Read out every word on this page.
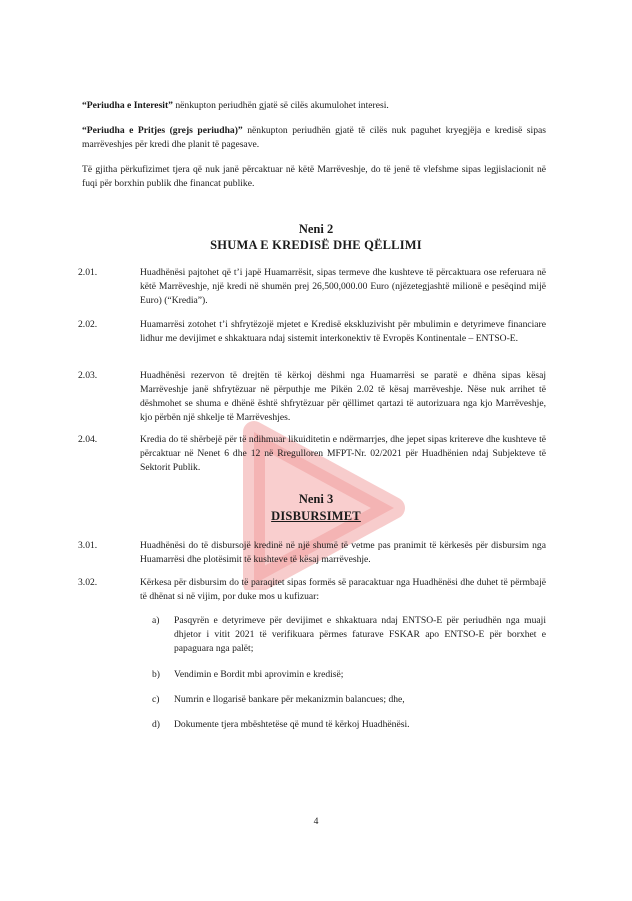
“Periudha e Interesit” nënkupton periudhën gjatë së cilës akumulohet interesi.

“Periudha e Pritjes (grejs periudha)” nënkupton periudhën gjatë të cilës nuk paguhet kryegjëja e kredisë sipas marrëveshjes për kredi dhe planit të pagesave.

Të gjitha përkufizimet tjera që nuk janë përcaktuar në këtë Marrëveshje, do të jenë të vlefshme sipas legjislacionit në fuqi për borxhin publik dhe financat publike.

Neni 2

SHUMA E KREDISË DHE QËLLIMI

2.01.	Huadhënësi pajtohet që t’i japë Huamarrësit, sipas termeve dhe kushteve të përcaktuara ose referuara në këtë Marrëveshje, një kredi në shumën prej 26,500,000.00 Euro (njëzetegjashtë milionë e pesëqind mijë Euro) (“Kredia”).
2.02.	Huamarrësi zotohet t’i shfrytëzojë mjetet e Kredisë ekskluzivisht për mbulimin e detyrimeve financiare lidhur me devijimet e shkaktuara ndaj sistemit interkonektiv të Evropës Kontinentale – ENTSO-E.
2.03.	Huadhënësi rezervon të drejtën të kërkoj dëshmi nga Huamarrësi se paratë e dhëna sipas kësaj Marrëveshje janë shfrytëzuar në përputhje me Pikën 2.02 të kësaj marrëveshje. Nëse nuk arrihet të dëshmohet se shuma e dhënë është shfrytëzuar për qëllimet qartazi të autorizuara nga kjo Marrëveshje, kjo përbën një shkelje të Marrëveshjes.
2.04.	Kredia do të shërbejë për të ndihmuar likuiditetin e ndërmarrjes, dhe jepet sipas kritereve dhe kushteve të përcaktuar në Nenet 6 dhe 12 në Rregulloren MFPT-Nr. 02/2021 për Huadhënien ndaj Subjekteve të Sektorit Publik.

Neni 3

DISBURSIMET

3.01.	Huadhënësi do të disbursojë kredinë në një shumë të vetme pas pranimit të kërkesës për disbursim nga Huamarrësi dhe plotësimit të kushteve të kësaj marrëveshje.
3.02.	Kërkesa për disbursim do të paraqitet sipas formës së paracaktuar nga Huadhënësi dhe duhet të përmbajë të dhënat si në vijim, por duke mos u kufizuar:
a) Pasqyrën e detyrimeve për devijimet e shkaktuara ndaj ENTSO-E për periudhën nga muaji dhjetor i vitit 2021 të verifikuara përmes faturave FSKAR apo ENTSO-E për borxhet e papaguara nga palët;
b) Vendimin e Bordit mbi aprovimin e kredisë;
c) Numrin e llogarisë bankare për mekanizmin balancues; dhe,
d) Dokumente tjera mbështetëse që mund të kërkoj Huadhënësi.
4
